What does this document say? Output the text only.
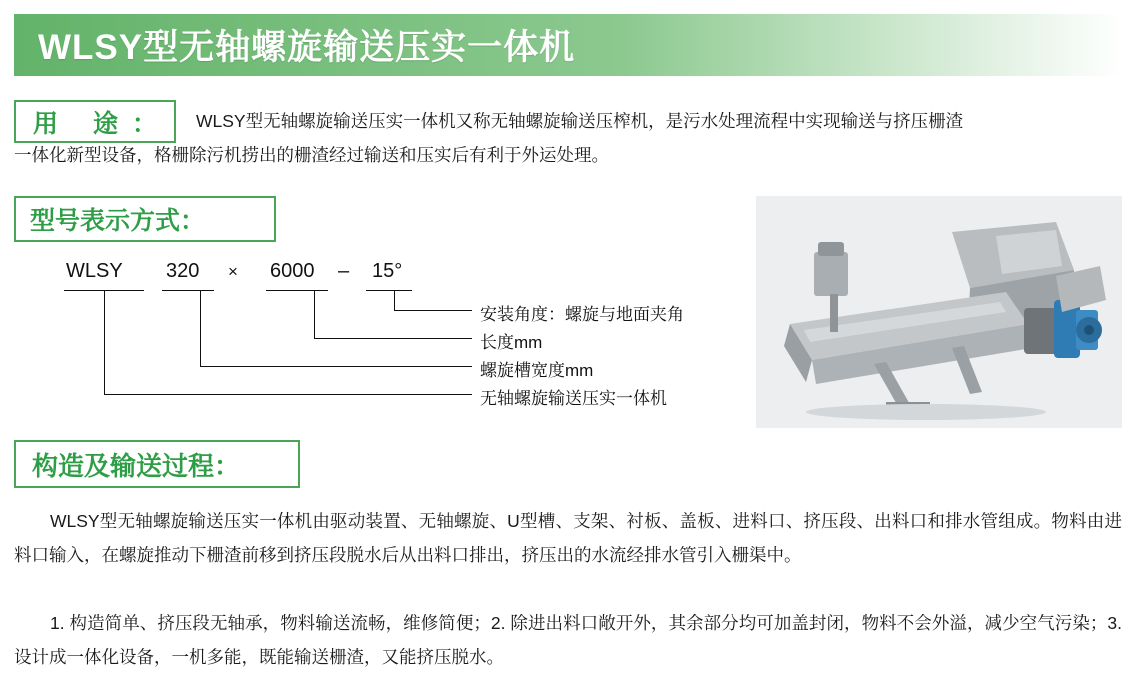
WLSY型无轴螺旋输送压实一体机
用 途： WLSY型无轴螺旋输送压实一体机又称无轴螺旋输送压榨机，是污水处理流程中实现输送与挤压栅渣
一体化新型设备，格栅除污机捞出的栅渣经过输送和压实后有利于外运处理。
型号表示方式：
WLSY 320 × 6000 – 15°
安装角度：螺旋与地面夹角
长度mm
螺旋槽宽度mm
无轴螺旋输送压实一体机
构造及输送过程：
WLSY型无轴螺旋输送压实一体机由驱动装置、无轴螺旋、U型槽、支架、衬板、盖板、进料口、挤压段、出料口和排水管组成。物料由进料口输入，在螺旋推动下栅渣前移到挤压段脱水后从出料口排出，挤压出的水流经排水管引入栅渠中。
1. 构造简单、挤压段无轴承，物料输送流畅，维修简便；2. 除进出料口敞开外，其余部分均可加盖封闭，物料不会外溢，减少空气污染；3. 设计成一体化设备，一机多能，既能输送栅渣，又能挤压脱水。
